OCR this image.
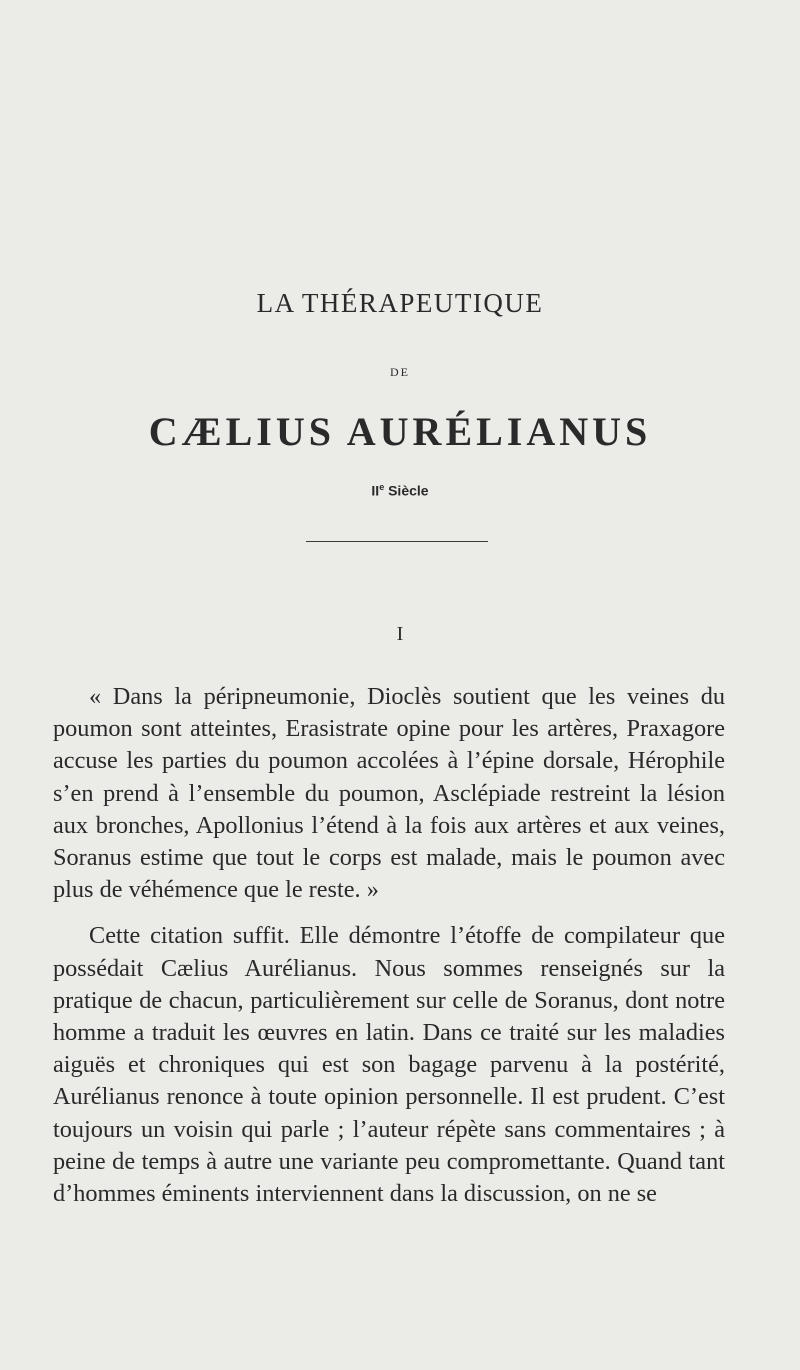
LA THÉRAPEUTIQUE
DE
CÆLIUS AURÉLIANUS
IIe Siècle
I

« Dans la péripneumonie, Dioclès soutient que les veines du poumon sont atteintes, Erasistrate opine pour les artères, Praxagore accuse les parties du poumon accolées à l’épine dorsale, Hérophile s’en prend à l’ensemble du poumon, Asclépiade restreint la lésion aux bronches, Apollonius l’étend à la fois aux artères et aux veines, Soranus estime que tout le corps est malade, mais le poumon avec plus de véhémence que le reste. »

Cette citation suffit. Elle démontre l’étoffe de compilateur que possédait Cælius Aurélianus. Nous sommes renseignés sur la pratique de chacun, particulièrement sur celle de Soranus, dont notre homme a traduit les œuvres en latin. Dans ce traité sur les maladies aiguës et chroniques qui est son bagage parvenu à la postérité, Aurélianus renonce à toute opinion personnelle. Il est prudent. C’est toujours un voisin qui parle ; l’auteur répète sans commentaires ; à peine de temps à autre une variante peu compromettante. Quand tant d’hommes éminents interviennent dans la discussion, on ne se
